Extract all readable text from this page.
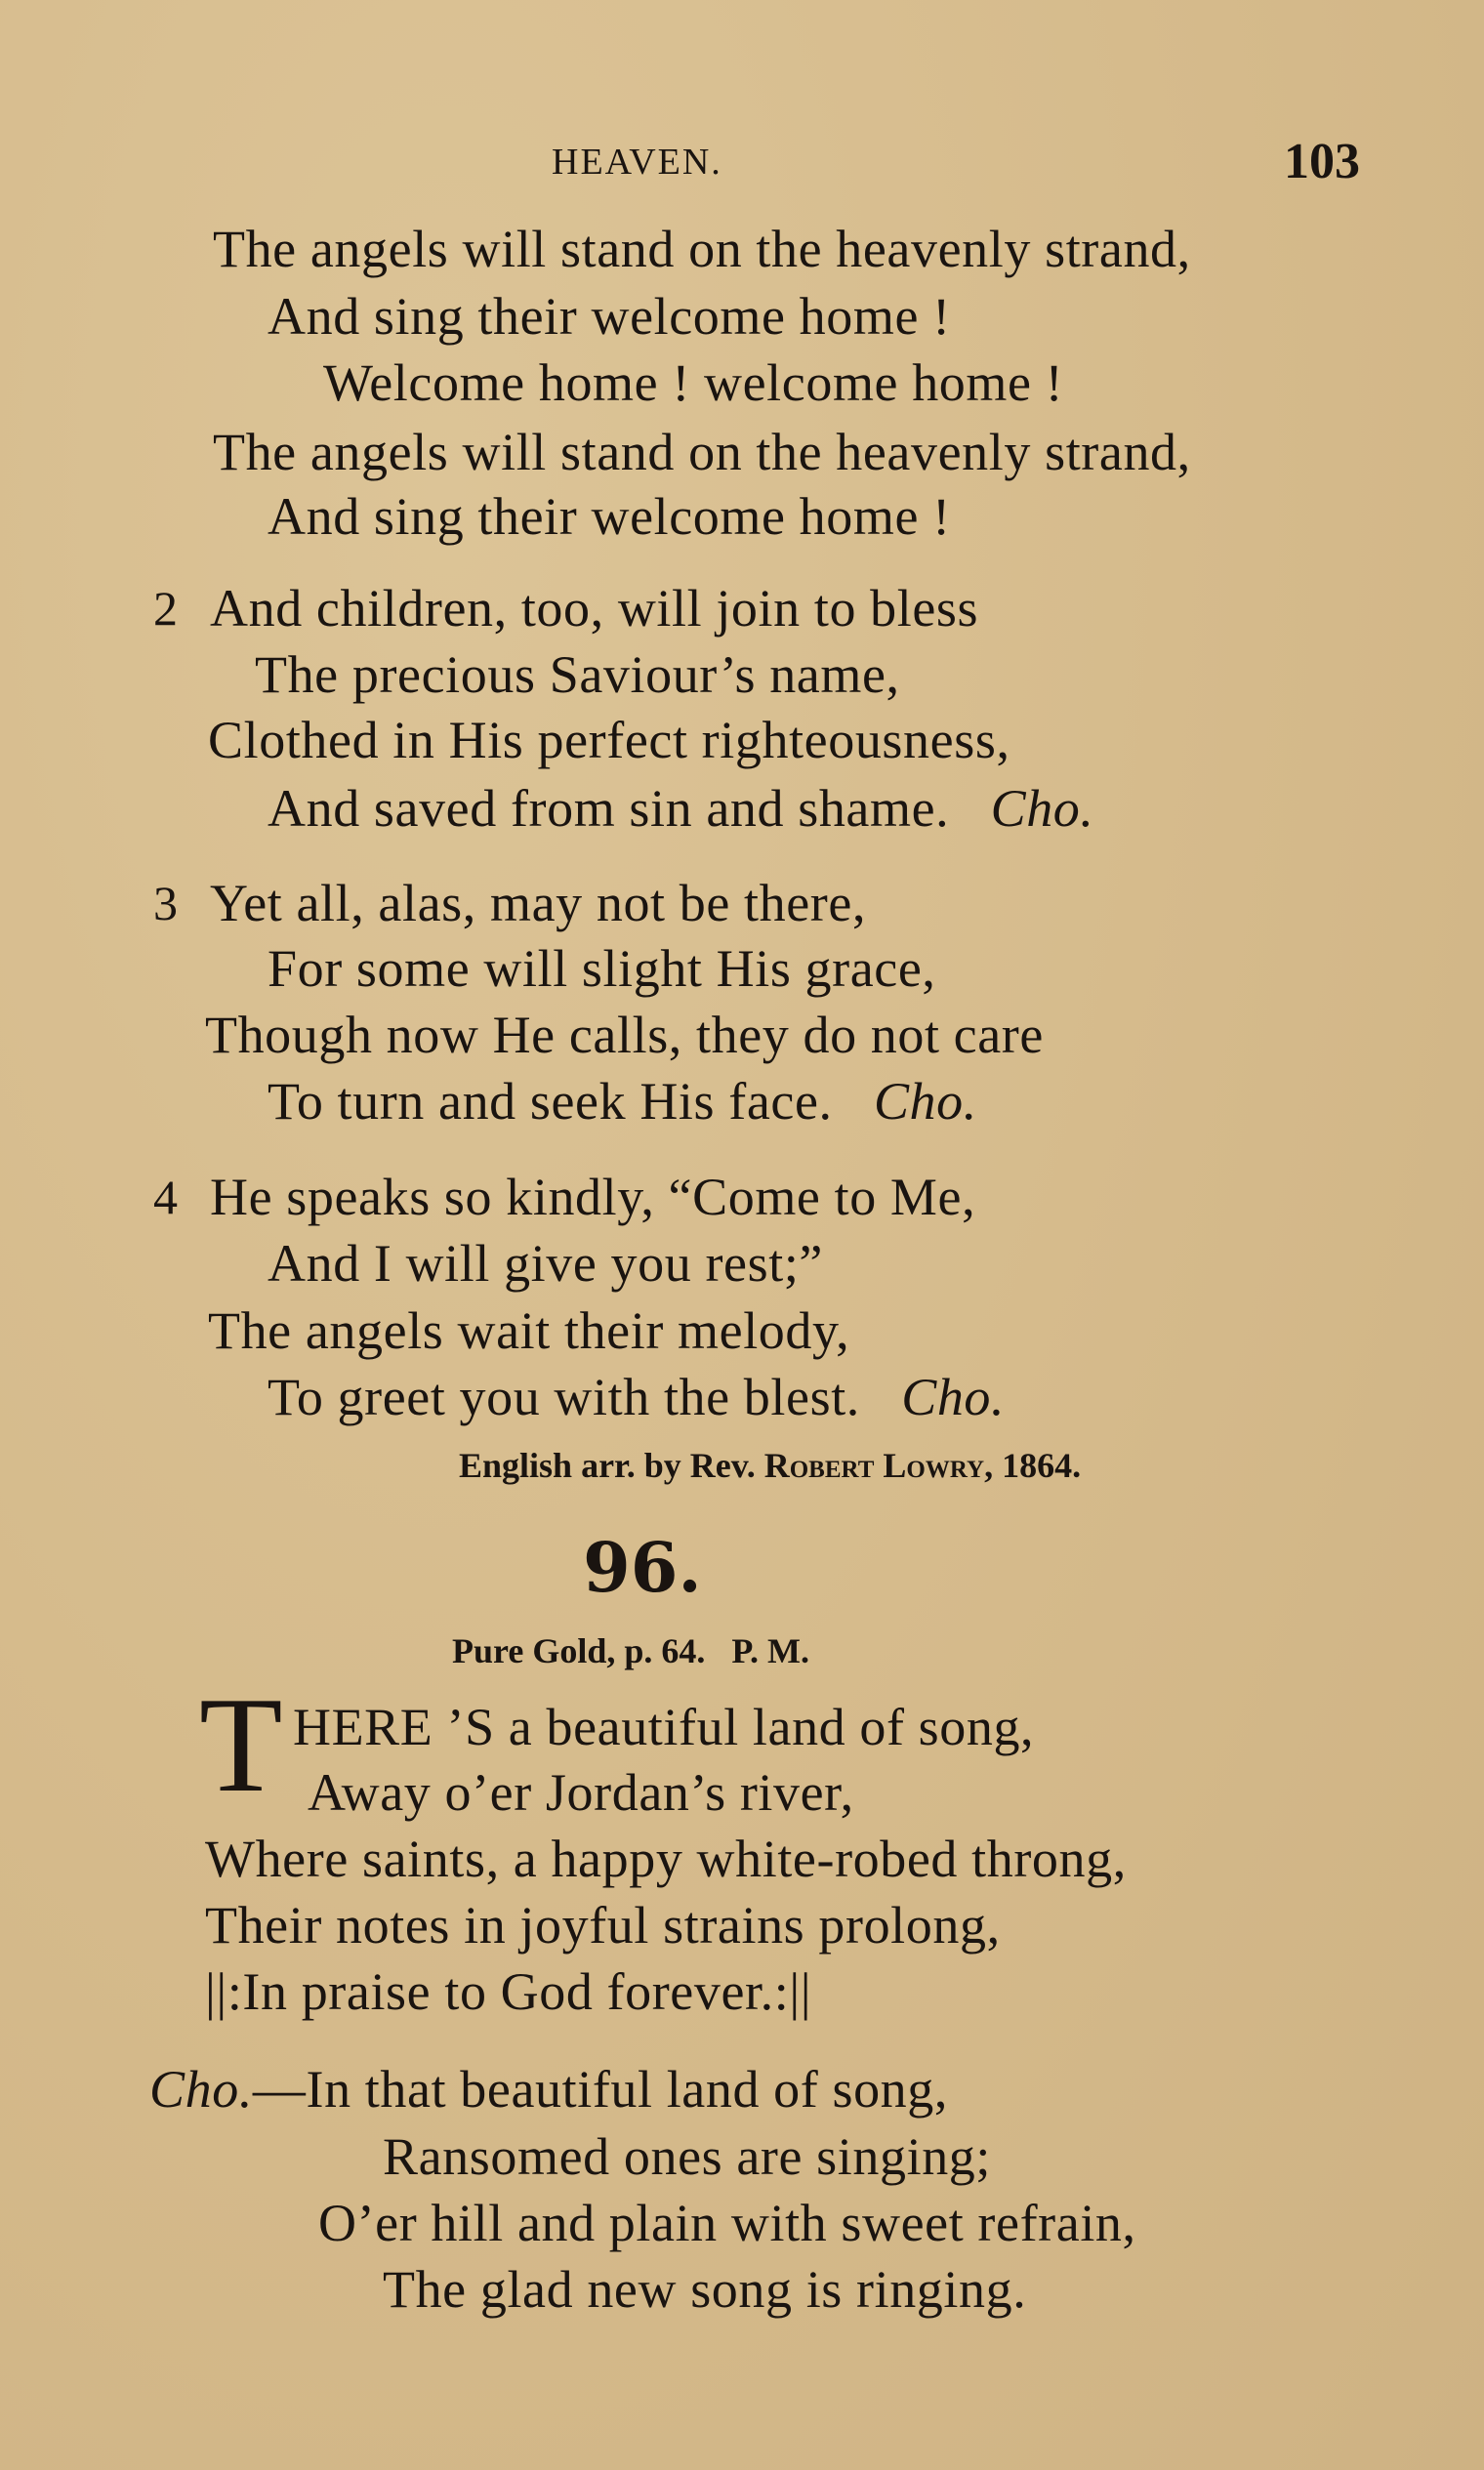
HEAVEN.	103
The angels will stand on the heavenly strand,
And sing their welcome home !
Welcome home ! welcome home !
The angels will stand on the heavenly strand,
And sing their welcome home !
2 And children, too, will join to bless
The precious Saviour’s name,
Clothed in His perfect righteousness,
And saved from sin and shame. Cho.
3 Yet all, alas, may not be there,
For some will slight His grace,
Though now He calls, they do not care
To turn and seek His face. Cho.
4 He speaks so kindly, “Come to Me,
And I will give you rest;”
The angels wait their melody,
To greet you with the blest. Cho.
English arr. by Rev. Robert Lowry, 1864.
96.
Pure Gold, p. 64.   P. M.
T HERE ’S a beautiful land of song,
Away o’er Jordan’s river,
Where saints, a happy white-robed throng,
Their notes in joyful strains prolong,
||:In praise to God forever.:||
Cho.—In that beautiful land of song,
Ransomed ones are singing;
O’er hill and plain with sweet refrain,
The glad new song is ringing.
